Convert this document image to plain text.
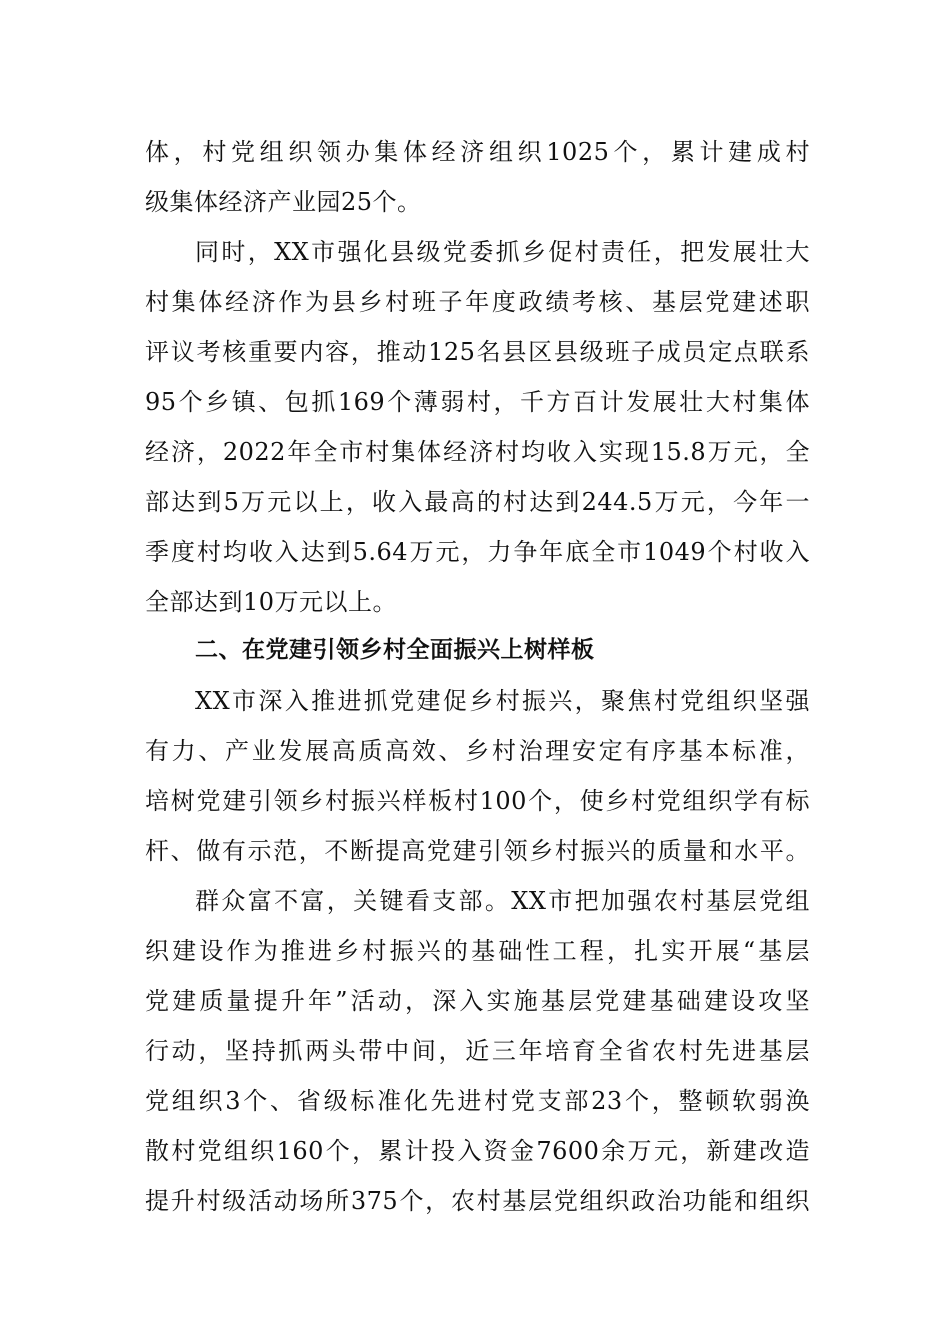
体，村党组织领办集体经济组织1025个，累计建成村
级集体经济产业园25个。
同时，XX市强化县级党委抓乡促村责任，把发展壮大
村集体经济作为县乡村班子年度政绩考核、基层党建述职
评议考核重要内容，推动125名县区县级班子成员定点联系
95个乡镇、包抓169个薄弱村，千方百计发展壮大村集体
经济，2022年全市村集体经济村均收入实现15.8万元，全
部达到5万元以上，收入最高的村达到244.5万元，今年一
季度村均收入达到5.64万元，力争年底全市1049个村收入
全部达到10万元以上。
二、在党建引领乡村全面振兴上树样板
XX市深入推进抓党建促乡村振兴，聚焦村党组织坚强
有力、产业发展高质高效、乡村治理安定有序基本标准，
培树党建引领乡村振兴样板村100个，使乡村党组织学有标
杆、做有示范，不断提高党建引领乡村振兴的质量和水平。
群众富不富，关键看支部。XX市把加强农村基层党组
织建设作为推进乡村振兴的基础性工程，扎实开展“基层
党建质量提升年”活动，深入实施基层党建基础建设攻坚
行动，坚持抓两头带中间，近三年培育全省农村先进基层
党组织3个、省级标准化先进村党支部23个，整顿软弱涣
散村党组织160个，累计投入资金7600余万元，新建改造
提升村级活动场所375个，农村基层党组织政治功能和组织
